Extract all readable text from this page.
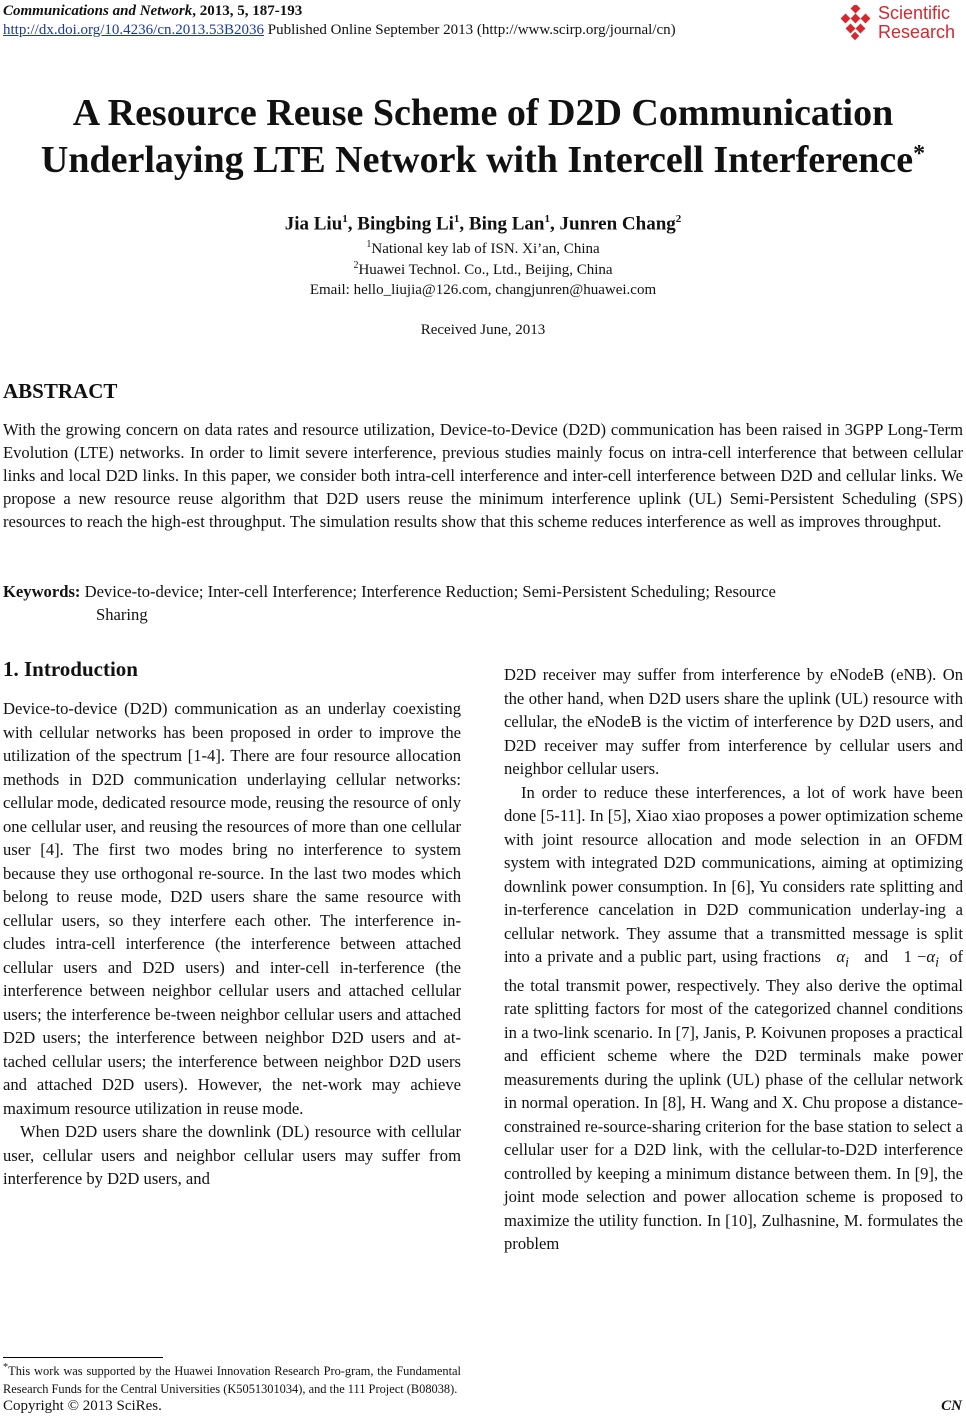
Communications and Network, 2013, 5, 187-193
http://dx.doi.org/10.4236/cn.2013.53B2036 Published Online September 2013 (http://www.scirp.org/journal/cn)
Scientific
Research
A Resource Reuse Scheme of D2D Communication
Underlaying LTE Network with Intercell Interference*
Jia Liu$^1$, Bingbing Li$^1$, Bing Lan$^1$, Junren Chang$^2$
$^1$National key lab of ISN. Xi’an, China
$^2$Huawei Technol. Co., Ltd., Beijing, China
Email: hello_liujia@126.com, changjunren@huawei.com
Received June, 2013
ABSTRACT
With the growing concern on data rates and resource utilization, Device-to-Device (D2D) communication has been raised in 3GPP Long-Term Evolution (LTE) networks. In order to limit severe interference, previous studies mainly focus on intra-cell interference that between cellular links and local D2D links. In this paper, we consider both intra-cell interference and inter-cell interference between D2D and cellular links. We propose a new resource reuse algorithm that D2D users reuse the minimum interference uplink (UL) Semi-Persistent Scheduling (SPS) resources to reach the high-est throughput. The simulation results show that this scheme reduces interference as well as improves throughput.
Keywords: Device-to-device; Inter-cell Interference; Interference Reduction; Semi-Persistent Scheduling; Resource
Sharing
1. Introduction

Device-to-device (D2D) communication as an underlay coexisting with cellular networks has been proposed in order to improve the utilization of the spectrum [1-4]. There are four resource allocation methods in D2D communication underlaying cellular networks: cellular mode, dedicated resource mode, reusing the resource of only one cellular user, and reusing the resources of more than one cellular user [4]. The first two modes bring no interference to system because they use orthogonal re-source. In the last two modes which belong to reuse mode, D2D users share the same resource with cellular users, so they interfere each other. The interference in-cludes intra-cell interference (the interference between attached cellular users and D2D users) and inter-cell in-terference (the interference between neighbor cellular users and attached cellular users; the interference be-tween neighbor cellular users and attached D2D users; the interference between neighbor D2D users and at-tached cellular users; the interference between neighbor D2D users and attached D2D users). However, the net-work may achieve maximum resource utilization in reuse mode.

When D2D users share the downlink (DL) resource with cellular user, cellular users and neighbor cellular users may suffer from interference by D2D users, and

D2D receiver may suffer from interference by eNodeB (eNB). On the other hand, when D2D users share the uplink (UL) resource with cellular, the eNodeB is the victim of interference by D2D users, and D2D receiver may suffer from interference by cellular users and neighbor cellular users.

In order to reduce these interferences, a lot of work have been done [5-11]. In [5], Xiao xiao proposes a power optimization scheme with joint resource allocation and mode selection in an OFDM system with integrated D2D communications, aiming at optimizing downlink power consumption. In [6], Yu considers rate splitting and in-terference cancelation in D2D communication underlay-ing a cellular network. They assume that a transmitted message is split into a private and a public part, using fractions $\alpha_i$ and $1 -\alpha_i$ of the total transmit power, respectively. They also derive the optimal rate splitting factors for most of the categorized channel conditions in a two-link scenario. In [7], Janis, P. Koivunen proposes a practical and efficient scheme where the D2D terminals make power measurements during the uplink (UL) phase of the cellular network in normal operation. In [8], H. Wang and X. Chu propose a distance-constrained re-source-sharing criterion for the base station to select a cellular user for a D2D link, with the cellular-to-D2D interference controlled by keeping a minimum distance between them. In [9], the joint mode selection and power allocation scheme is proposed to maximize the utility function. In [10], Zulhasnine, M. formulates the problem

*This work was supported by the Huawei Innovation Research Pro-gram, the Fundamental Research Funds for the Central Universities (K5051301034), and the 111 Project (B08038).
Copyright © 2013 SciRes.	CN
